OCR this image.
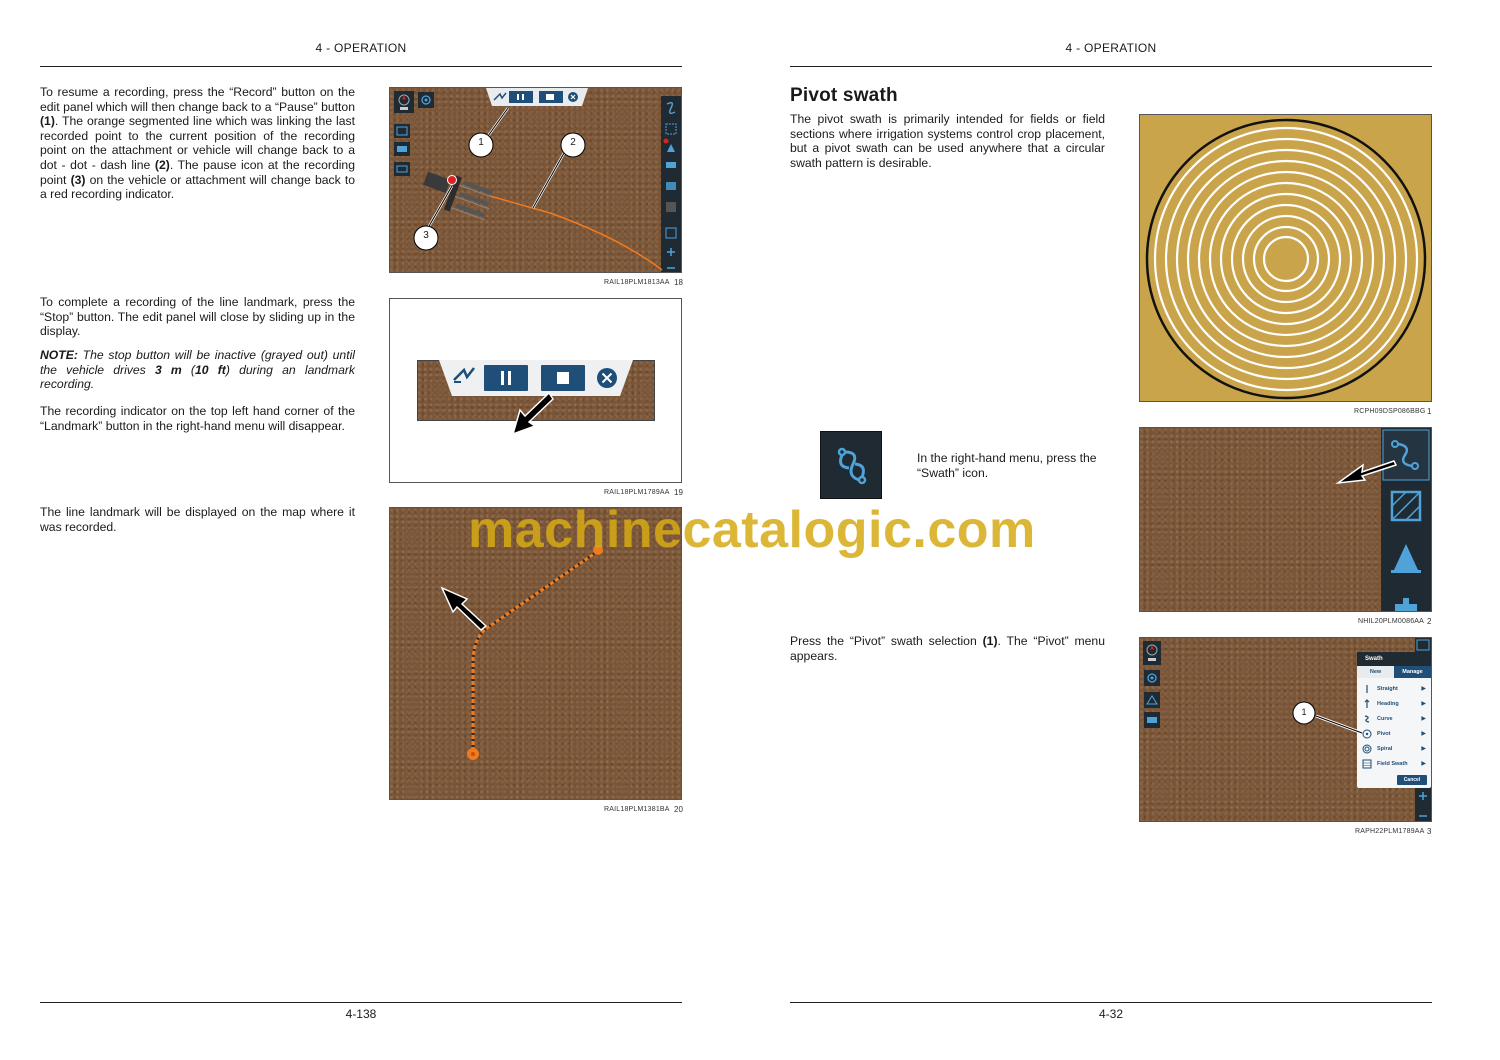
4 - OPERATION
To resume a recording, press the “Record” button on the edit panel which will then change back to a “Pause” button (1). The orange segmented line which was linking the last recorded point to the current position of the recording point on the attachment or vehicle will change back to a dot - dot - dash line (2). The pause icon at the recording point (3) on the vehicle or attachment will change back to a red recording indicator.
1	2
3
RAIL18PLM1813AA 18
To complete a recording of the line landmark, press the “Stop” button. The edit panel will close by sliding up in the display.
NOTE: The stop button will be inactive (grayed out) until the vehicle drives 3 m (10 ft) during an landmark recording.
The recording indicator on the top left hand corner of the “Landmark” button in the right-hand menu will disappear.
RAIL18PLM1789AA 19
The line landmark will be displayed on the map where it was recorded.
RAIL18PLM1381BA 20
4-138
4 - OPERATION
Pivot swath
The pivot swath is primarily intended for fields or field sections where irrigation systems control crop placement, but a pivot swath can be used anywhere that a circular swath pattern is desirable.
RCPH09DSP086BBG 1
In the right-hand menu, press the “Swath” icon.
NHIL20PLM0086AA 2
Press the “Pivot” swath selection (1). The “Pivot” menu appears.	Swath
New	Manage
Straight	▶
Heading	▶
Curve	▶
Pivot	▶
Spiral	▶
Field Swath ▶
Cancel
1
RAPH22PLM1789AA 3
4-32
machinecatalogic.com
